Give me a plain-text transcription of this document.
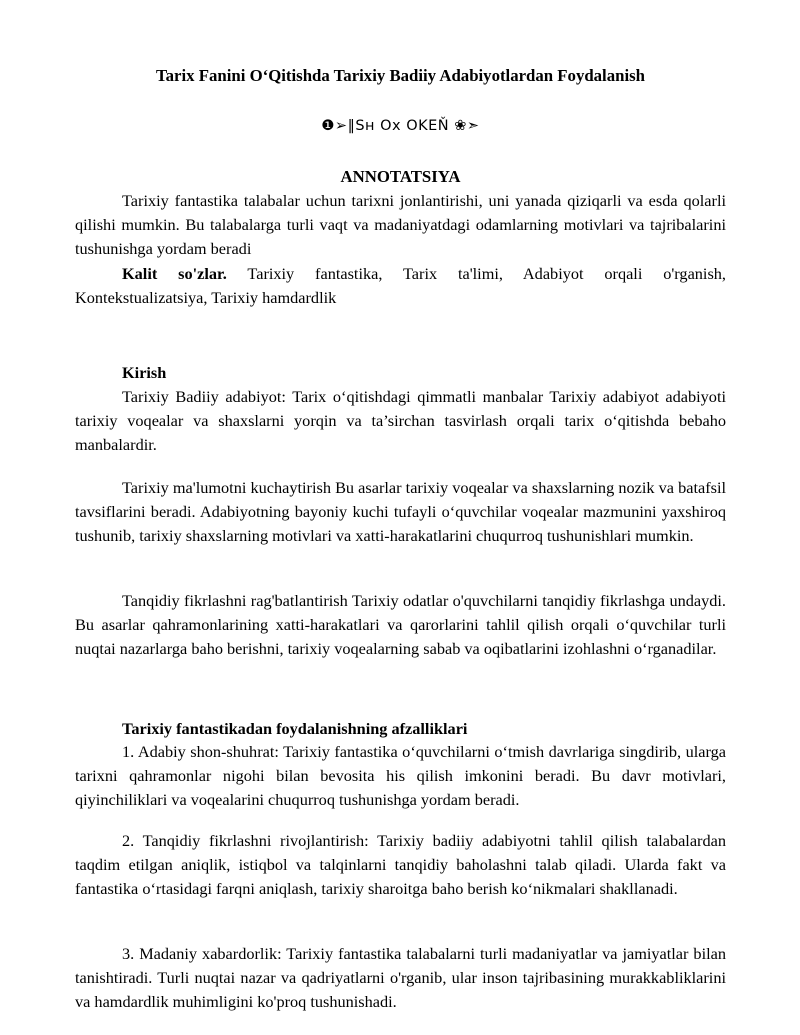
Tarix Fanini O‘Qitishda Tarixiy Badiiy Adabiyotlardan Foydalanish
❶➢‖Sʜ Oх OKEŇ ❀➣
ANNOTATSIYA
Tarixiy fantastika talabalar uchun tarixni jonlantirishi, uni yanada qiziqarli va esda qolarli qilishi mumkin. Bu talabalarga turli vaqt va madaniyatdagi odamlarning motivlari va tajribalarini tushunishga yordam beradi
Kalit so'zlar. Tarixiy fantastika, Tarix ta'limi, Adabiyot orqali o'rganish, Kontekstualizatsiya, Tarixiy hamdardlik
Kirish
Tarixiy Badiiy adabiyot: Tarix o‘qitishdagi qimmatli manbalar Tarixiy adabiyot adabiyoti tarixiy voqealar va shaxslarni yorqin va ta’sirchan tasvirlash orqali tarix o‘qitishda bebaho manbalardir.
Tarixiy ma'lumotni kuchaytirish Bu asarlar tarixiy voqealar va shaxslarning nozik va batafsil tavsiflarini beradi. Adabiyotning bayoniy kuchi tufayli o‘quvchilar voqealar mazmunini yaxshiroq tushunib, tarixiy shaxslarning motivlari va xatti-harakatlarini chuqurroq tushunishlari mumkin.
Tanqidiy fikrlashni rag'batlantirish Tarixiy odatlar o'quvchilarni tanqidiy fikrlashga undaydi. Bu asarlar qahramonlarining xatti-harakatlari va qarorlarini tahlil qilish orqali o‘quvchilar turli nuqtai nazarlarga baho berishni, tarixiy voqealarning sabab va oqibatlarini izohlashni o‘rganadilar.
Tarixiy fantastikadan foydalanishning afzalliklari
1. Adabiy shon-shuhrat: Tarixiy fantastika o‘quvchilarni o‘tmish davrlariga singdirib, ularga tarixni qahramonlar nigohi bilan bevosita his qilish imkonini beradi. Bu davr motivlari, qiyinchiliklari va voqealarini chuqurroq tushunishga yordam beradi.
2. Tanqidiy fikrlashni rivojlantirish: Tarixiy badiiy adabiyotni tahlil qilish talabalardan taqdim etilgan aniqlik, istiqbol va talqinlarni tanqidiy baholashni talab qiladi. Ularda fakt va fantastika o‘rtasidagi farqni aniqlash, tarixiy sharoitga baho berish ko‘nikmalari shakllanadi.
3. Madaniy xabardorlik: Tarixiy fantastika talabalarni turli madaniyatlar va jamiyatlar bilan tanishtiradi. Turli nuqtai nazar va qadriyatlarni o'rganib, ular inson tajribasining murakkabliklarini va hamdardlik muhimligini ko'proq tushunishadi.
